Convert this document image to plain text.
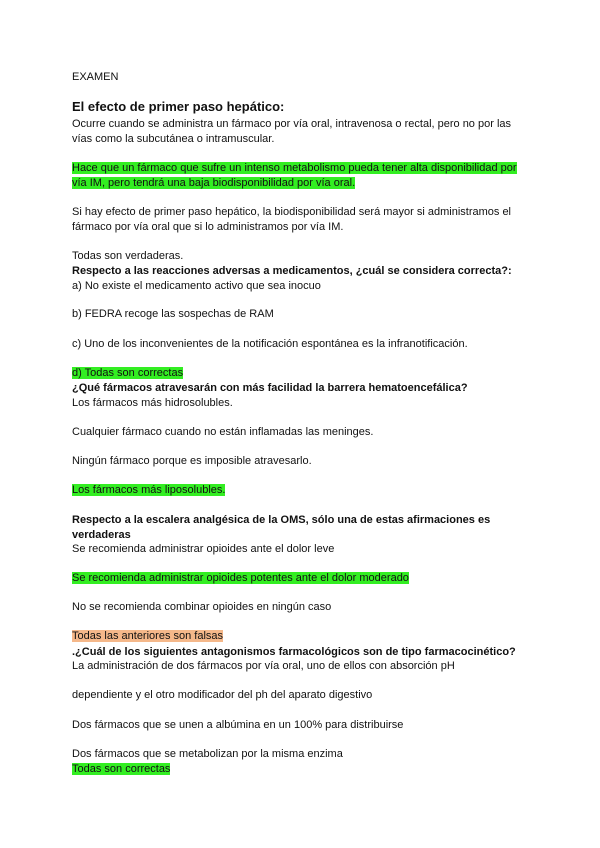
EXAMEN
El efecto de primer paso hepático:
Ocurre cuando se administra un fármaco por vía oral, intravenosa o rectal, pero no por las
vías como la subcutánea o intramuscular.
Hace que un fármaco que sufre un intenso metabolismo pueda tener alta disponibilidad por
vía IM, pero tendrá una baja biodisponibilidad por vía oral.
Si hay efecto de primer paso hepático, la biodisponibilidad será mayor si administramos el
fármaco por vía oral que si lo administramos por vía IM.
Todas son verdaderas.
Respecto a las reacciones adversas a medicamentos, ¿cuál se considera correcta?:
a) No existe el medicamento activo que sea inocuo
b) FEDRA recoge las sospechas de RAM
c) Uno de los inconvenientes de la notificación espontánea es la infranotificación.
d) Todas son correctas
¿Qué fármacos atravesarán con más facilidad la barrera hematoencefálica?
Los fármacos más hidrosolubles.
Cualquier fármaco cuando no están inflamadas las meninges.
Ningún fármaco porque es imposible atravesarlo.
Los fármacos más liposolubles.
Respecto a la escalera analgésica de la OMS, sólo una de estas afirmaciones es
verdaderas
Se recomienda administrar opioides ante el dolor leve
Se recomienda administrar opioides potentes ante el dolor moderado
No se recomienda combinar opioides en ningún caso
Todas las anteriores son falsas
.¿Cuál de los siguientes antagonismos farmacológicos son de tipo farmacocinético?
La administración de dos fármacos por vía oral, uno de ellos con absorción pH
dependiente y el otro modificador del ph del aparato digestivo
Dos fármacos que se unen a albúmina en un 100% para distribuirse
Dos fármacos que se metabolizan por la misma enzima
Todas son correctas
